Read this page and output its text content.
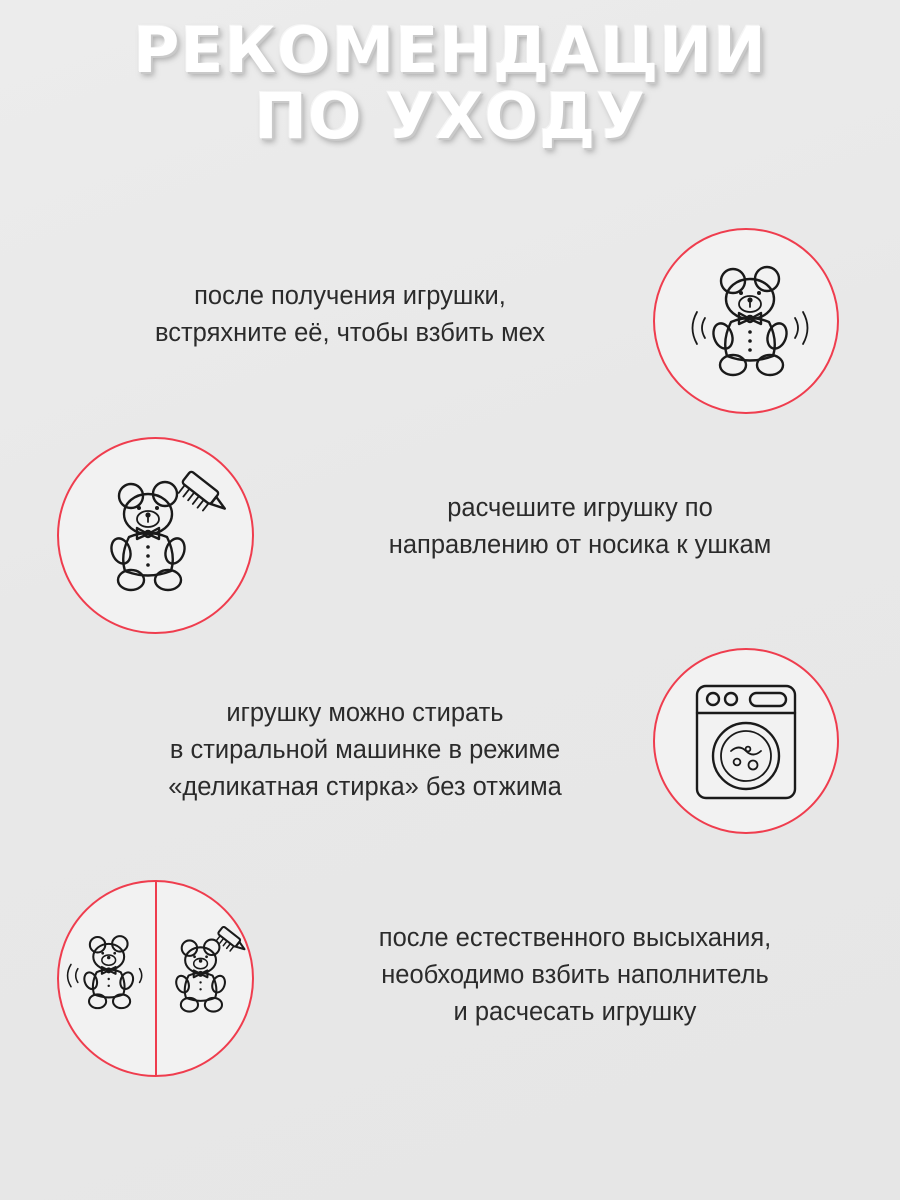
РЕКОМЕНДАЦИИ
ПО УХОДУ
после получения игрушки,
встряхните её, чтобы взбить мех
расчешите игрушку по
направлению от носика к ушкам
игрушку можно стирать
в стиральной машинке в режиме
«деликатная стирка» без отжима
после естественного высыхания,
необходимо взбить наполнитель
и расчесать игрушку
